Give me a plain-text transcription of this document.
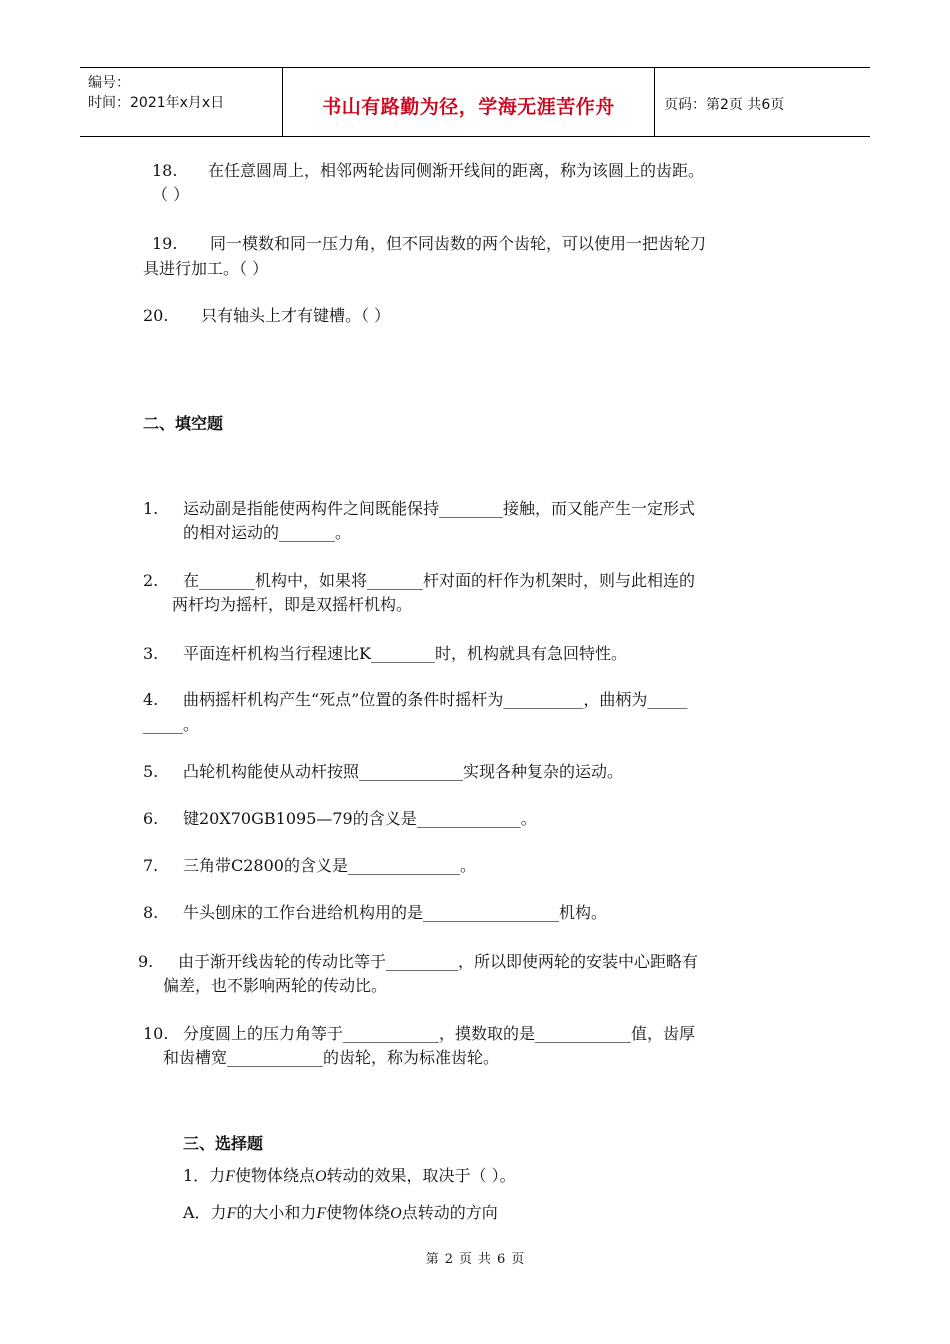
编号：
时间：2021年x月x日	书山有路勤为径，学海无涯苦作舟	页码：第2页 共6页
18. 在任意圆周上，相邻两轮齿同侧渐开线间的距离，称为该圆上的齿距。
（ ）
19. 同一模数和同一压力角，但不同齿数的两个齿轮，可以使用一把齿轮刀
具进行加工。（ ）
20. 只有轴头上才有键槽。（ ）
二、填空题
1. 运动副是指能使两构件之间既能保持________接触，而又能产生一定形式
的相对运动的_______。
2. 在_______机构中，如果将_______杆对面的杆作为机架时，则与此相连的
两杆均为摇杆，即是双摇杆机构。
3. 平面连杆机构当行程速比K________时，机构就具有急回特性。
4. 曲柄摇杆机构产生“死点”位置的条件时摇杆为__________，曲柄为_____
_____。
5. 凸轮机构能使从动杆按照_____________实现各种复杂的运动。
6. 键20X70GB1095—79的含义是_____________。
7. 三角带C2800的含义是______________。
8. 牛头刨床的工作台进给机构用的是_________________机构。
9. 由于渐开线齿轮的传动比等于_________，所以即使两轮的安装中心距略有
偏差，也不影响两轮的传动比。
10. 分度圆上的压力角等于____________，摸数取的是____________值，齿厚
和齿槽宽____________的齿轮，称为标准齿轮。
三、选择题
1．力F使物体绕点O转动的效果，取决于（ ）。
A．力F的大小和力F使物体绕O点转动的方向
第 2 页 共 6 页
